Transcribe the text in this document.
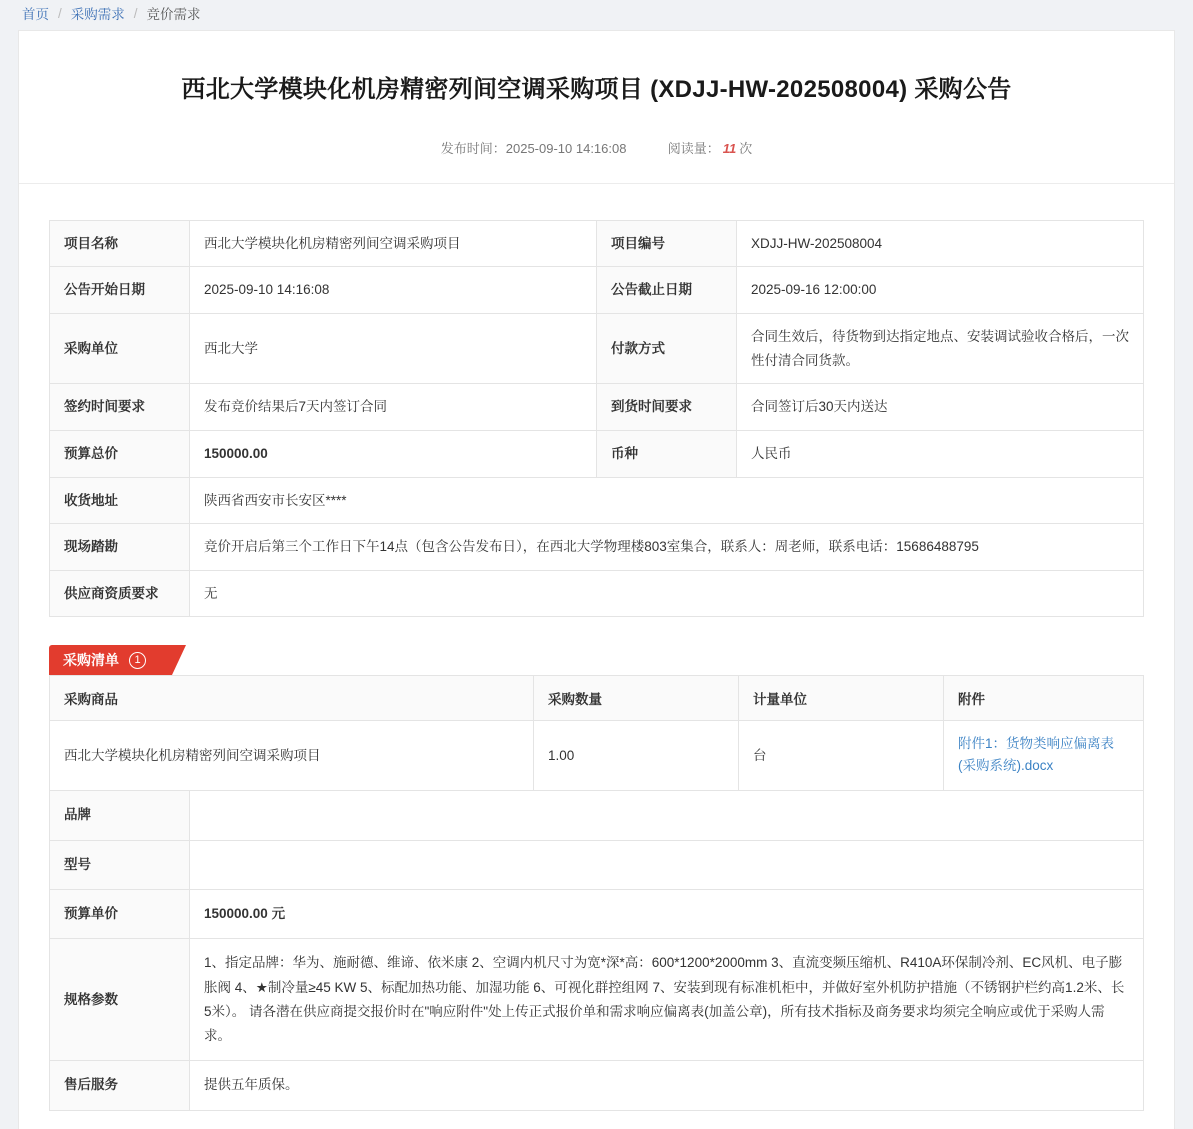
首页 / 采购需求 / 竞价需求
西北大学模块化机房精密列间空调采购项目 (XDJJ-HW-202508004) 采购公告
发布时间：2025-09-10 14:16:08	阅读量： 11 次
项目名称	西北大学模块化机房精密列间空调采购项目	项目编号	XDJJ-HW-202508004
公告开始日期	2025-09-10 14:16:08	公告截止日期	2025-09-16 12:00:00
采购单位	西北大学	付款方式	合同生效后，待货物到达指定地点、安装调试验收合格后，一次性付清合同货款。
签约时间要求	发布竞价结果后7天内签订合同	到货时间要求	合同签订后30天内送达
预算总价	150000.00	币种	人民币
收货地址	陕西省西安市长安区****		
现场踏勘	竞价开启后第三个工作日下午14点（包含公告发布日），在西北大学物理楼803室集合，联系人：周老师，联系电话：15686488795		
供应商资质要求	无		
采购清单	1
采购商品		采购数量	计量单位	附件
西北大学模块化机房精密列间空调采购项目		1.00	台	附件1：货物类响应偏离表(采购系统).docx
品牌				
型号				
预算单价	150000.00 元			
规格参数	1、指定品牌：华为、施耐德、维谛、依米康 2、空调内机尺寸为宽*深*高：600*1200*2000mm 3、直流变频压缩机、R410A环保制冷剂、EC风机、电子膨胀阀 4、★制冷量≥45 KW 5、标配加热功能、加湿功能 6、可视化群控组网 7、安装到现有标准机柜中，并做好室外机防护措施（不锈钢护栏约高1.2米、长5米）。 请各潜在供应商提交报价时在"响应附件"处上传正式报价单和需求响应偏离表(加盖公章)，所有技术指标及商务要求均须完全响应或优于采购人需求。			
售后服务	提供五年质保。			
